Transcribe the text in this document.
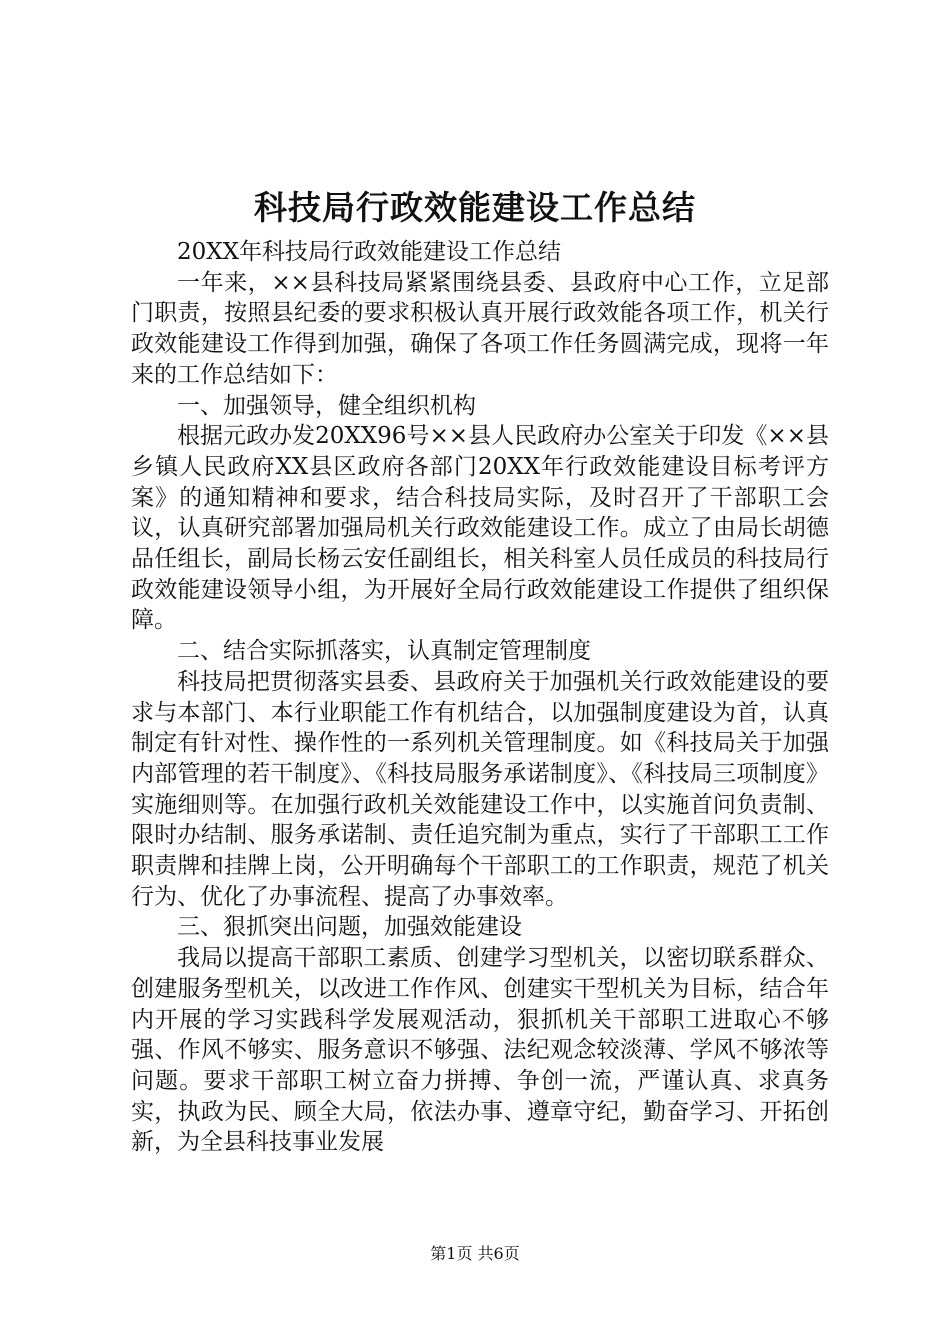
科技局行政效能建设工作总结

20XX年科技局行政效能建设工作总结

一年来，××县科技局紧紧围绕县委、县政府中心工作，立足部门职责，按照县纪委的要求积极认真开展行政效能各项工作，机关行政效能建设工作得到加强，确保了各项工作任务圆满完成，现将一年来的工作总结如下：

一、加强领导，健全组织机构

根据元政办发20XX96号××县人民政府办公室关于印发《××县乡镇人民政府XX县区政府各部门20XX年行政效能建设目标考评方案》的通知精神和要求，结合科技局实际，及时召开了干部职工会议，认真研究部署加强局机关行政效能建设工作。成立了由局长胡德品任组长，副局长杨云安任副组长，相关科室人员任成员的科技局行政效能建设领导小组，为开展好全局行政效能建设工作提供了组织保障。

二、结合实际抓落实，认真制定管理制度

科技局把贯彻落实县委、县政府关于加强机关行政效能建设的要求与本部门、本行业职能工作有机结合，以加强制度建设为首，认真制定有针对性、操作性的一系列机关管理制度。如《科技局关于加强内部管理的若干制度》、《科技局服务承诺制度》、《科技局三项制度》实施细则等。在加强行政机关效能建设工作中，以实施首问负责制、限时办结制、服务承诺制、责任追究制为重点，实行了干部职工工作职责牌和挂牌上岗，公开明确每个干部职工的工作职责，规范了机关行为、优化了办事流程、提高了办事效率。

三、狠抓突出问题，加强效能建设

我局以提高干部职工素质、创建学习型机关，以密切联系群众、创建服务型机关，以改进工作作风、创建实干型机关为目标，结合年内开展的学习实践科学发展观活动，狠抓机关干部职工进取心不够强、作风不够实、服务意识不够强、法纪观念较淡薄、学风不够浓等问题。要求干部职工树立奋力拼搏、争创一流，严谨认真、求真务实，执政为民、顾全大局，依法办事、遵章守纪，勤奋学习、开拓创新，为全县科技事业发展

第1页 共6页
